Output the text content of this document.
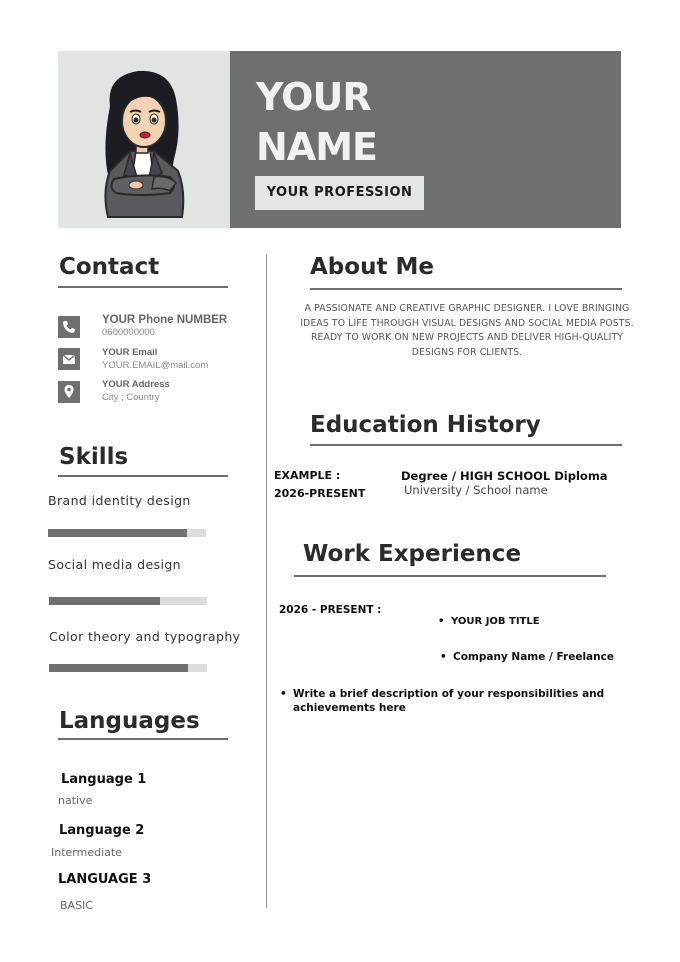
YOUR
NAME
YOUR PROFESSION
Contact
YOUR Phone NUMBER
0600000000
YOUR Email
YOUR.EMAIL@mail.com
YOUR Address
City ; Country
Skills
Brand identity design
Social media design
Color theory and typography
Languages
Language 1
native
Language 2
Intermediate
LANGUAGE 3
BASIC
About Me
A PASSIONATE AND CREATIVE GRAPHIC DESIGNER. I LOVE BRINGING IDEAS TO LIFE THROUGH VISUAL DESIGNS AND SOCIAL MEDIA POSTS. READY TO WORK ON NEW PROJECTS AND DELIVER HIGH-QUALITY DESIGNS FOR CLIENTS.
Education History
EXAMPLE :
2026-PRESENT
Degree / HIGH SCHOOL Diploma
University / School name
Work Experience
2026 - PRESENT :
• YOUR JOB TITLE
• Company Name / Freelance
• Write a brief description of your responsibilities and achievements here
